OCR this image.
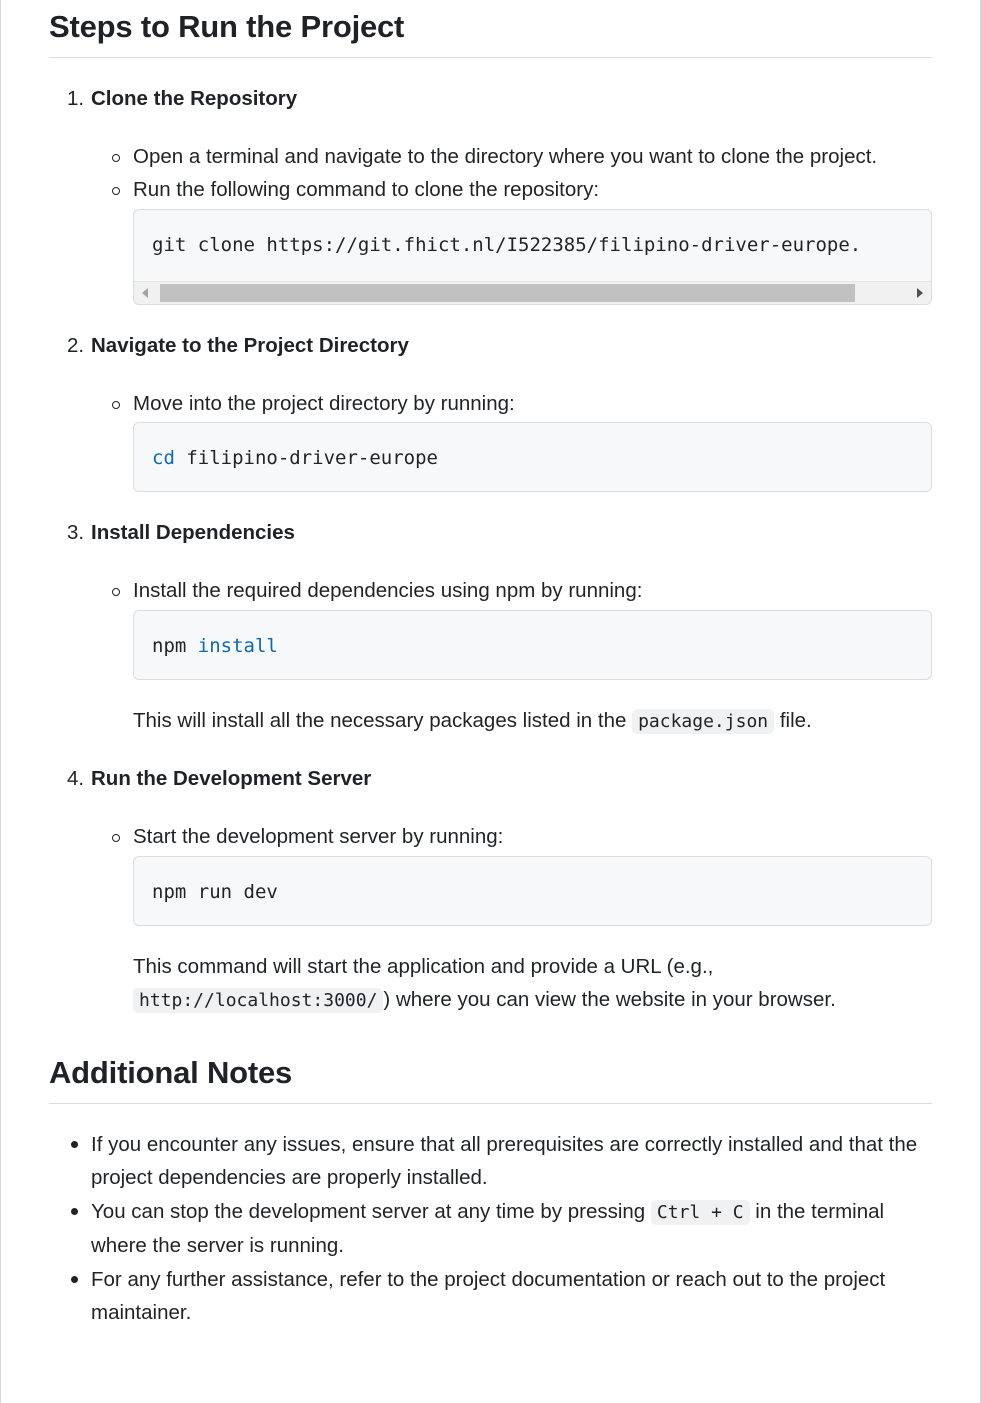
Steps to Run the Project
1. Clone the Repository
Open a terminal and navigate to the directory where you want to clone the project.
Run the following command to clone the repository:
git clone https://git.fhict.nl/I522385/filipino-driver-europe.
2. Navigate to the Project Directory
Move into the project directory by running:
cd filipino-driver-europe
3. Install Dependencies
Install the required dependencies using npm by running:
npm install
This will install all the necessary packages listed in the package.json file.
4. Run the Development Server
Start the development server by running:
npm run dev
This command will start the application and provide a URL (e.g.,
http://localhost:3000/ ) where you can view the website in your browser.
Additional Notes
If you encounter any issues, ensure that all prerequisites are correctly installed and that the project dependencies are properly installed.
You can stop the development server at any time by pressing Ctrl + C in the terminal where the server is running.
For any further assistance, refer to the project documentation or reach out to the project maintainer.
